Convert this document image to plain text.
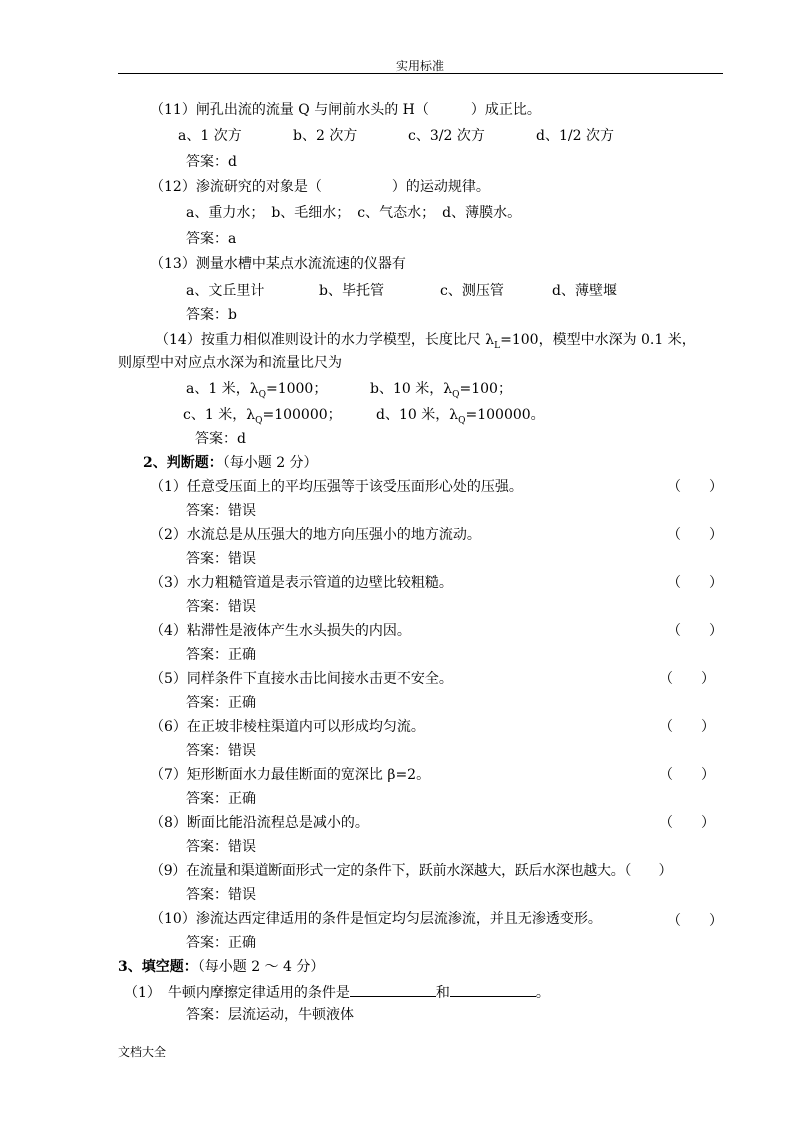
实用标准
（11）闸孔出流的流量 Q 与闸前水头的 H（　　　）成正比。
a、1 次方	b、2 次方	c、3/2 次方	d、1/2 次方
答案：d
（12）渗流研究的对象是（　　　　　）的运动规律。
a、重力水；　b、毛细水；　c、气态水；　d、薄膜水。
答案：a
（13）测量水槽中某点水流流速的仪器有
a、文丘里计	b、毕托管	c、测压管	d、薄壁堰
答案：b
（14）按重力相似准则设计的水力学模型，长度比尺 $\lambda_L=100$，模型中水深为 0.1 米，
则原型中对应点水深为和流量比尺为
a、1 米，$\lambda_Q=1000$；	b、10 米，$\lambda_Q=100$；
c、1 米，$\lambda_Q=100000$； d、10 米，$\lambda_Q=100000$。
答案：d
2、判断题：（每小题 2 分）
（1）任意受压面上的平均压强等于该受压面形心处的压强。	（　　）
答案：错误
（2）水流总是从压强大的地方向压强小的地方流动。	（　　）
答案：错误
（3）水力粗糙管道是表示管道的边壁比较粗糙。	（　　）
答案：错误
（4）粘滞性是液体产生水头损失的内因。	（　　）
答案：正确
（5）同样条件下直接水击比间接水击更不安全。	（　　）
答案：正确
（6）在正坡非棱柱渠道内可以形成均匀流。	（　　）
答案：错误
（7）矩形断面水力最佳断面的宽深比 β=2。	（　　）
答案：正确
（8）断面比能沿流程总是减小的。	（　　）
答案：错误
（9）在流量和渠道断面形式一定的条件下，跃前水深越大，跃后水深也越大。（　　）
答案：错误
（10）渗流达西定律适用的条件是恒定均匀层流渗流，并且无渗透变形。	（　　）
答案：正确
3、填空题：（每小题 2 ～ 4 分）
（1）　牛顿内摩擦定律适用的条件是	和	。
答案：层流运动，牛顿液体
文档大全
